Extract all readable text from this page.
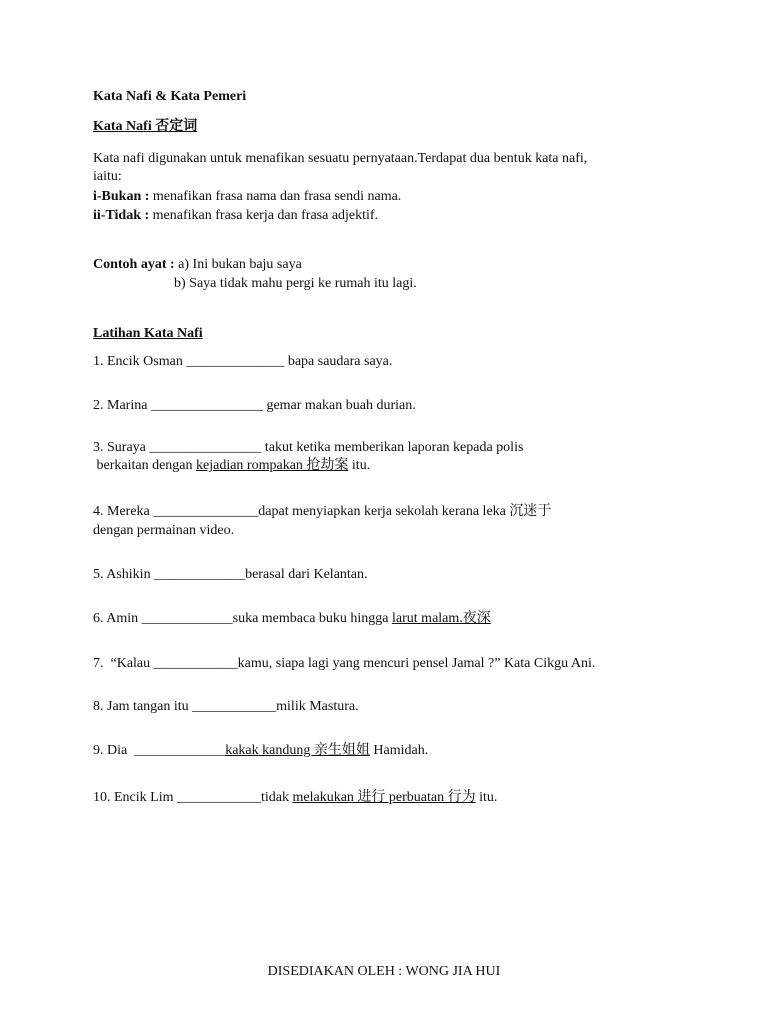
Kata Nafi & Kata Pemeri
Kata Nafi 否定词
Kata nafi digunakan untuk menafikan sesuatu pernyataan.Terdapat dua bentuk kata nafi,
iaitu:
i-Bukan : menafikan frasa nama dan frasa sendi nama.
ii-Tidak : menafikan frasa kerja dan frasa adjektif.
Contoh ayat : a) Ini bukan baju saya
b) Saya tidak mahu pergi ke rumah itu lagi.
Latihan Kata Nafi
1. Encik Osman ______________ bapa saudara saya.
2. Marina ________________ gemar makan buah durian.
3. Suraya ________________ takut ketika memberikan laporan kepada polis
berkaitan dengan kejadian rompakan 抢劫案 itu.
4. Mereka _______________dapat menyiapkan kerja sekolah kerana leka 沉迷于
dengan permainan video.
5. Ashikin _____________berasal dari Kelantan.
6. Amin _____________suka membaca buku hingga larut malam.夜深
7.  “Kalau ____________kamu, siapa lagi yang mencuri pensel Jamal ?” Kata Cikgu Ani.
8. Jam tangan itu ____________milik Mastura.
9. Dia  _____________kakak kandung 亲生姐姐 Hamidah.
10. Encik Lim ____________tidak melakukan 进行 perbuatan 行为 itu.
DISEDIAKAN OLEH : WONG JIA HUI
